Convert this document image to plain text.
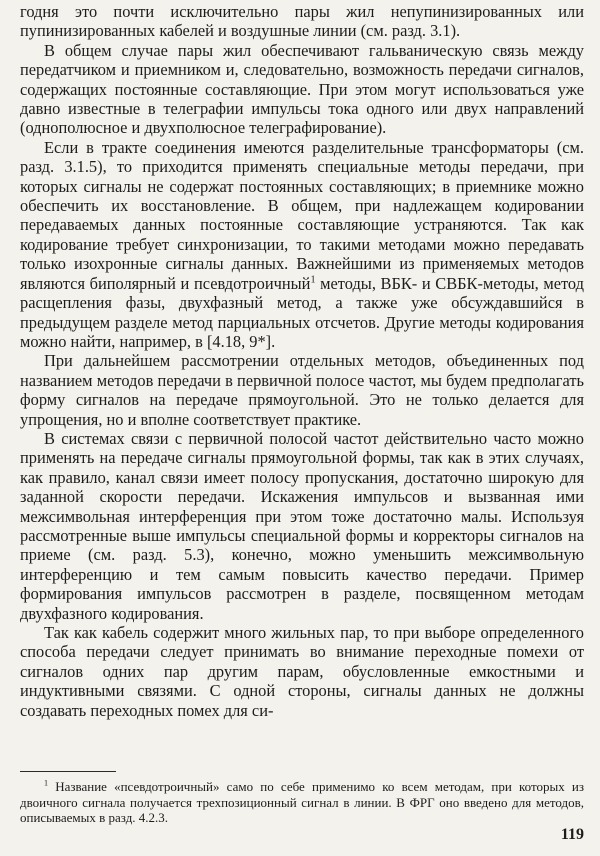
годня это почти исключительно пары жил непупинизированных или пупинизированных кабелей и воздушные линии (см. разд. 3.1).

В общем случае пары жил обеспечивают гальваническую связь между передатчиком и приемником и, следовательно, возможность передачи сигналов, содержащих постоянные составляющие. При этом могут использоваться уже давно известные в телеграфии импульсы тока одного или двух направлений (однополюсное и двухполюсное телеграфирование).

Если в тракте соединения имеются разделительные трансформаторы (см. разд. 3.1.5), то приходится применять специальные методы передачи, при которых сигналы не содержат постоянных составляющих; в приемнике можно обеспечить их восстановление. В общем, при надлежащем кодировании передаваемых данных постоянные составляющие устраняются. Так как кодирование требует синхронизации, то такими методами можно передавать только изохронные сигналы данных. Важнейшими из применяемых методов являются биполярный и псевдотроичный$^1$ методы, ВБК- и СВБК-методы, метод расщепления фазы, двухфазный метод, а также уже обсуждавшийся в предыдущем разделе метод парциальных отсчетов. Другие методы кодирования можно найти, например, в [4.18, 9*].

При дальнейшем рассмотрении отдельных методов, объединенных под названием методов передачи в первичной полосе частот, мы будем предполагать форму сигналов на передаче прямоугольной. Это не только делается для упрощения, но и вполне соответствует практике.

В системах связи с первичной полосой частот действительно часто можно применять на передаче сигналы прямоугольной формы, так как в этих случаях, как правило, канал связи имеет полосу пропускания, достаточно широкую для заданной скорости передачи. Искажения импульсов и вызванная ими межсимвольная интерференция при этом тоже достаточно малы. Используя рассмотренные выше импульсы специальной формы и корректоры сигналов на приеме (см. разд. 5.3), конечно, можно уменьшить межсимвольную интерференцию и тем самым повысить качество передачи. Пример формирования импульсов рассмотрен в разделе, посвященном методам двухфазного кодирования.

Так как кабель содержит много жильных пар, то при выборе определенного способа передачи следует принимать во внимание переходные помехи от сигналов одних пар другим парам, обусловленные емкостными и индуктивными связями. С одной стороны, сигналы данных не должны создавать переходных помех для си-

$^1$ Название «псевдотроичный» само по себе применимо ко всем методам, при которых из двоичного сигнала получается трехпозиционный сигнал в линии. В ФРГ оно введено для методов, описываемых в разд. 4.2.3.

119
